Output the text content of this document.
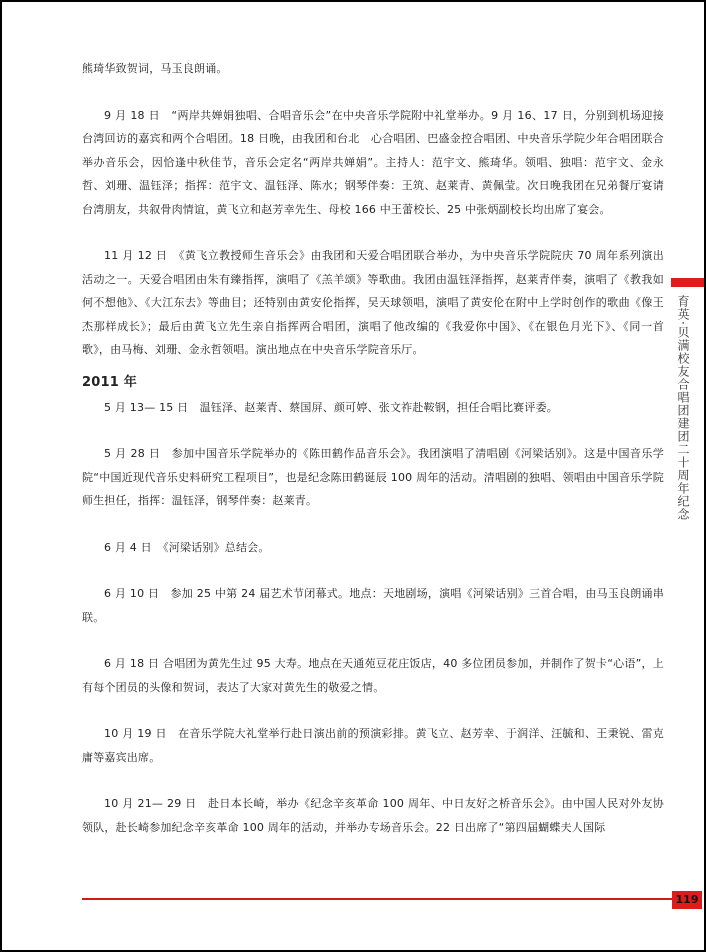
熊琦华致贺词，马玉良朗诵。

9 月 18 日　“两岸共婵娟独唱、合唱音乐会”在中央音乐学院附中礼堂举办。9 月 16、17 日，分别到机场迎接台湾回访的嘉宾和两个合唱团。18 日晚，由我团和台北　心合唱团、巴盛金控合唱团、中央音乐学院少年合唱团联合举办音乐会，因恰逢中秋佳节，音乐会定名“两岸共婵娟”。主持人：范宇文、熊琦华。领唱、独唱：范宇文、金永哲、刘珊、温钰泽；指挥：范宇文、温钰泽、陈水；钢琴伴奏：王筑、赵莱青、黄佩莹。次日晚我团在兄弟餐厅宴请台湾朋友，共叙骨肉情谊，黄飞立和赵芳幸先生、母校 166 中王蕾校长、25 中张炳副校长均出席了宴会。

11 月 12 日　《黄飞立教授师生音乐会》由我团和天爱合唱团联合举办，为中央音乐学院院庆 70 周年系列演出活动之一。天爱合唱团由朱有臻指挥，演唱了《羔羊颂》等歌曲。我团由温钰泽指挥，赵莱青伴奏，演唱了《教我如何不想他》、《大江东去》等曲目；还特别由黄安伦指挥，吴天球领唱，演唱了黄安伦在附中上学时创作的歌曲《像王杰那样成长》；最后由黄飞立先生亲自指挥两合唱团，演唱了他改编的《我爱你中国》、《在银色月光下》、《同一首歌》，由马梅、刘珊、金永哲领唱。演出地点在中央音乐学院音乐厅。

2011 年

5 月 13— 15 日　温钰泽、赵莱青、蔡国屏、颜可婷、张文祚赴鞍钢，担任合唱比赛评委。

5 月 28 日　参加中国音乐学院举办的《陈田鹤作品音乐会》。我团演唱了清唱剧《河梁话别》。这是中国音乐学院“中国近现代音乐史料研究工程项目”，也是纪念陈田鹤诞辰 100 周年的活动。清唱剧的独唱、领唱由中国音乐学院师生担任，指挥：温钰泽，钢琴伴奏：赵莱青。

6 月 4 日　《河梁话别》总结会。

6 月 10 日　参加 25 中第 24 届艺术节闭幕式。地点：天地剧场，演唱《河梁话别》三首合唱，由马玉良朗诵串联。

6 月 18 日 合唱团为黄先生过 95 大寿。地点在天通苑豆花庄饭店，40 多位团员参加，并制作了贺卡“心语”，上有每个团员的头像和贺词，表达了大家对黄先生的敬爱之情。

10 月 19 日　在音乐学院大礼堂举行赴日演出前的预演彩排。黄飞立、赵芳幸、于润洋、汪毓和、王秉锐、雷克庸等嘉宾出席。

10 月 21— 29 日　赴日本长崎，举办《纪念辛亥革命 100 周年、中日友好之桥音乐会》。由中国人民对外友协领队，赴长崎参加纪念辛亥革命 100 周年的活动，并举办专场音乐会。22 日出席了“第四届蝴蝶夫人国际

育英·贝满校友合唱团建团二十周年纪念
119
